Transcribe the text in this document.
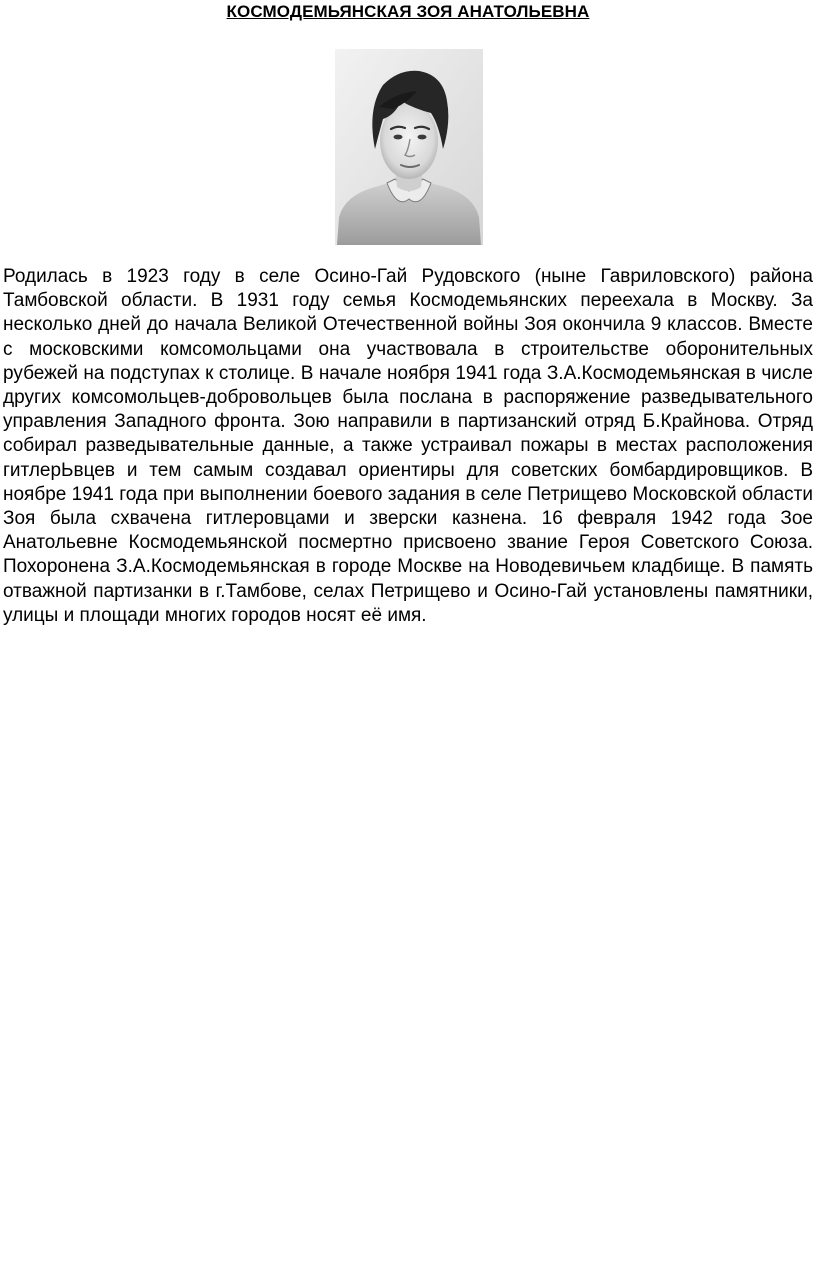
КОСМОДЕМЬЯНСКАЯ ЗОЯ АНАТОЛЬЕВНА

Родилась в 1923 году в селе Осино-Гай Рудовского (ныне Гавриловского) района Тамбовской области. В 1931 году семья Космодемьянских переехала в Москву. За несколько дней до начала Великой Отечественной войны Зоя окончила 9 классов. Вместе с московскими комсомольцами она участвовала в строительстве оборонительных рубежей на подступах к столице. В начале ноября 1941 года З.А.Космодемьянская в числе других комсомольцев-добровольцев была послана в распоряжение разведывательного управления Западного фронта. Зою направили в партизанский отряд Б.Крайнова. Отряд собирал разведывательные данные, а также устраивал пожары в местах расположения гитлерЬвцев и тем самым создавал ориентиры для советских бомбардировщиков. В ноябре 1941 года при выполнении боевого задания в селе Петрищево Московской области Зоя была схвачена гитлеровцами и зверски казнена. 16 февраля 1942 года Зое Анатольевне Космодемьянской посмертно присвоено звание Героя Советского Союза. Похоронена З.А.Космодемьянская в городе Москве на Новодевичьем кладбище. В память отважной партизанки в г.Тамбове, селах Петрищево и Осино-Гай установлены памятники, улицы и площади многих городов носят её имя.
